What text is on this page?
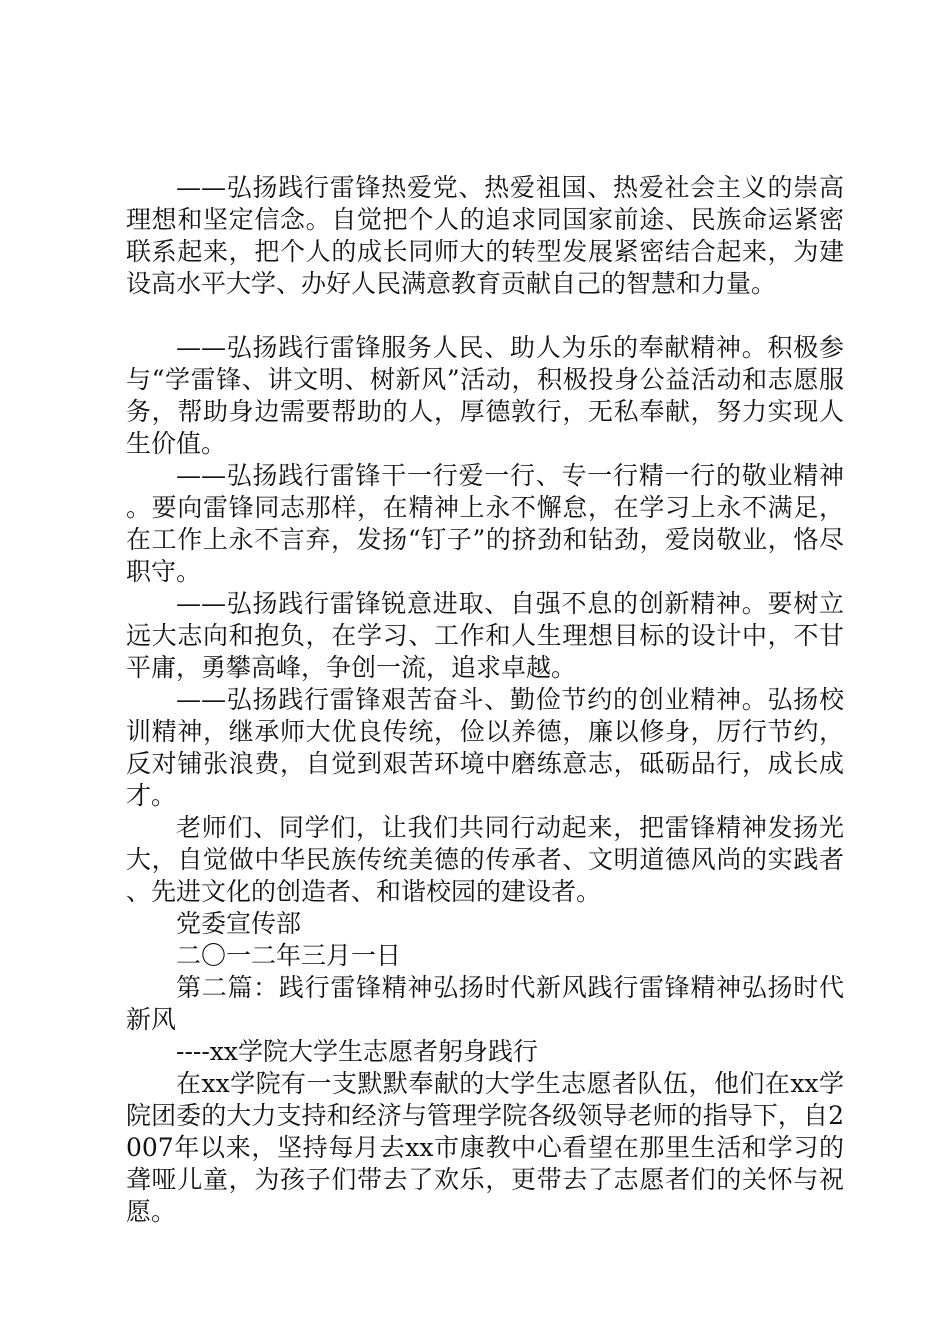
——弘扬践行雷锋热爱党、热爱祖国、热爱社会主义的崇高理想和坚定信念。自觉把个人的追求同国家前途、民族命运紧密联系起来，把个人的成长同师大的转型发展紧密结合起来，为建设高水平大学、办好人民满意教育贡献自己的智慧和力量。

——弘扬践行雷锋服务人民、助人为乐的奉献精神。积极参与“学雷锋、讲文明、树新风”活动，积极投身公益活动和志愿服务，帮助身边需要帮助的人，厚德敦行，无私奉献，努力实现人生价值。

——弘扬践行雷锋干一行爱一行、专一行精一行的敬业精神。要向雷锋同志那样，在精神上永不懈怠，在学习上永不满足，在工作上永不言弃，发扬“钉子”的挤劲和钻劲，爱岗敬业，恪尽职守。

——弘扬践行雷锋锐意进取、自强不息的创新精神。要树立远大志向和抱负，在学习、工作和人生理想目标的设计中，不甘平庸，勇攀高峰，争创一流，追求卓越。

——弘扬践行雷锋艰苦奋斗、勤俭节约的创业精神。弘扬校训精神，继承师大优良传统，俭以养德，廉以修身，厉行节约，反对铺张浪费，自觉到艰苦环境中磨练意志，砥砺品行，成长成才。

老师们、同学们，让我们共同行动起来，把雷锋精神发扬光大，自觉做中华民族传统美德的传承者、文明道德风尚的实践者、先进文化的创造者、和谐校园的建设者。

党委宣传部

二〇一二年三月一日

第二篇：践行雷锋精神弘扬时代新风践行雷锋精神弘扬时代新风

----xx学院大学生志愿者躬身践行

在xx学院有一支默默奉献的大学生志愿者队伍，他们在xx学院团委的大力支持和经济与管理学院各级领导老师的指导下，自2007年以来，坚持每月去xx市康教中心看望在那里生活和学习的聋哑儿童，为孩子们带去了欢乐，更带去了志愿者们的关怀与祝愿。
